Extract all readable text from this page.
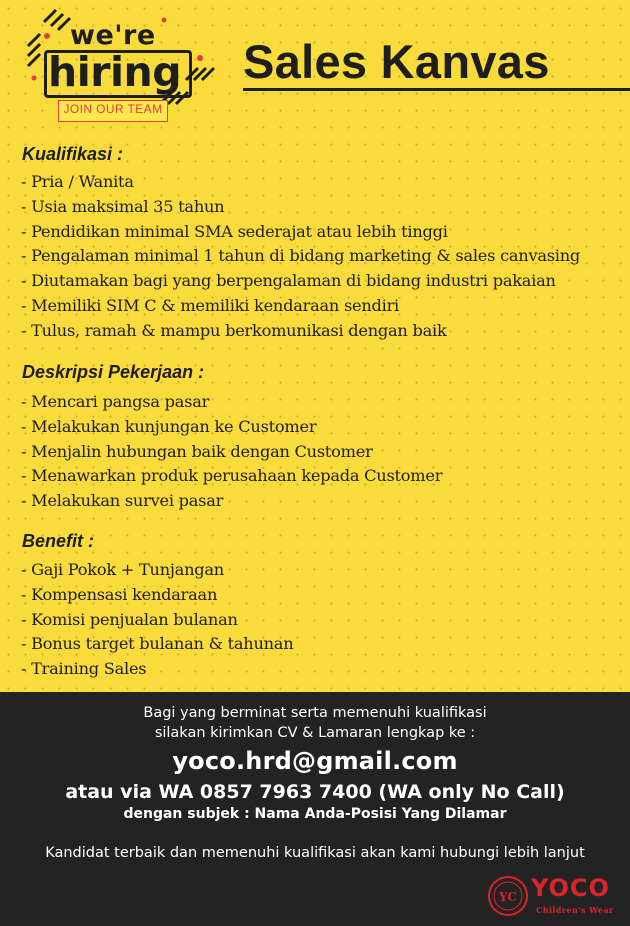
we're
hiring
JOIN OUR TEAM
Sales Kanvas
Kualifikasi :
- Pria / Wanita
- Usia maksimal 35 tahun
- Pendidikan minimal SMA sederajat atau lebih tinggi
- Pengalaman minimal 1 tahun di bidang marketing & sales canvasing
- Diutamakan bagi yang berpengalaman di bidang industri pakaian
- Memiliki SIM C & memiliki kendaraan sendiri
- Tulus, ramah & mampu berkomunikasi dengan baik
Deskripsi Pekerjaan :
- Mencari pangsa pasar
- Melakukan kunjungan ke Customer
- Menjalin hubungan baik dengan Customer
- Menawarkan produk perusahaan kepada Customer
- Melakukan survei pasar
Benefit :
- Gaji Pokok + Tunjangan
- Kompensasi kendaraan
- Komisi penjualan bulanan
- Bonus target bulanan & tahunan
- Training Sales
Bagi yang berminat serta memenuhi kualifikasi
silakan kirimkan CV & Lamaran lengkap ke :
yoco.hrd@gmail.com
atau via WA 0857 7963 7400 (WA only No Call)
dengan subjek : Nama Anda-Posisi Yang Dilamar
Kandidat terbaik dan memenuhi kualifikasi akan kami hubungi lebih lanjut
YC YOCO
Children's Wear
